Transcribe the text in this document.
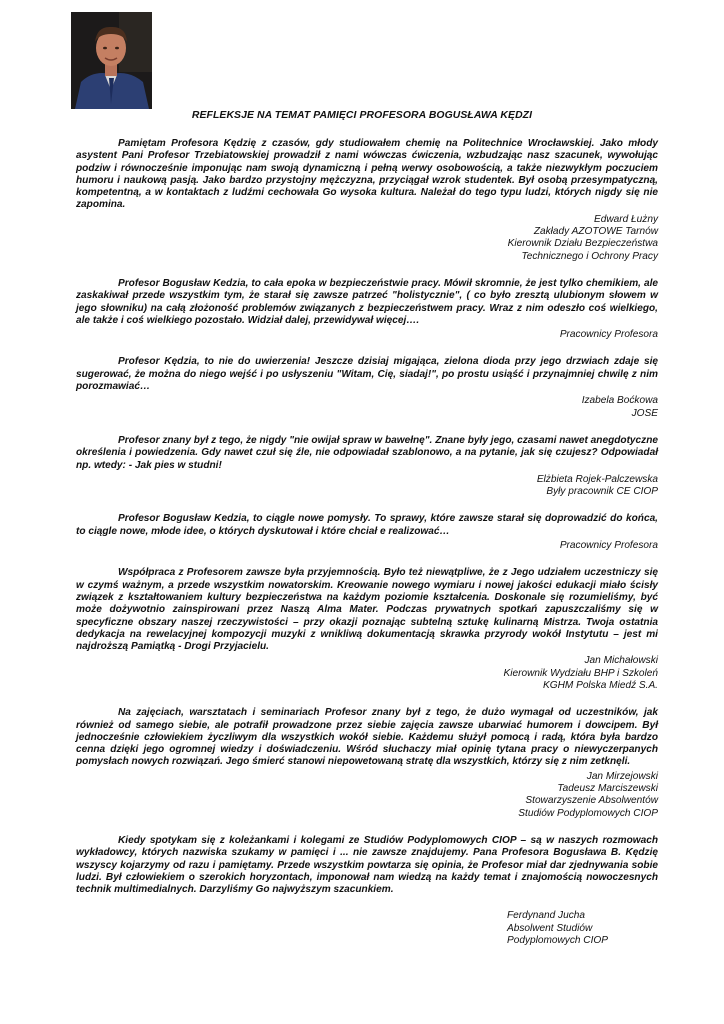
REFLEKSJE NA TEMAT PAMIĘCI PROFESORA BOGUSŁAWA KĘDZI

Pamiętam Profesora Kędzię z czasów, gdy studiowałem chemię na Politechnice Wrocławskiej. Jako młody asystent Pani Profesor Trzebiatowskiej prowadził z nami wówczas ćwiczenia, wzbudzając nasz szacunek, wywołując podziw i równocześnie imponując nam swoją dynamiczną i pełną werwy osobowością, a także niezwykłym poczuciem humoru i naukową pasją. Jako bardzo przystojny mężczyzna, przyciągał wzrok studentek. Był osobą przesympatyczną, kompetentną, a w kontaktach z ludźmi cechowała Go wysoka kultura. Należał do tego typu ludzi, których nigdy się nie zapomina.

Edward Łużny
Zakłady AZOTOWE Tarnów
Kierownik Działu Bezpieczeństwa
Technicznego i Ochrony Pracy

Profesor Bogusław Kedzia, to cała epoka w bezpieczeństwie pracy. Mówił skromnie, że jest tylko chemikiem, ale zaskakiwał przede wszystkim tym, że starał się zawsze patrzeć "holistycznie", ( co było zresztą ulubionym słowem w jego słowniku) na całą złożoność problemów związanych z bezpieczeństwem pracy. Wraz z nim odeszło coś wielkiego, ale także i coś wielkiego pozostało. Widział dalej, przewidywał więcej….

Pracownicy Profesora

Profesor Kędzia, to nie do uwierzenia! Jeszcze dzisiaj migająca, zielona dioda przy jego drzwiach zdaje się sugerować, że można do niego wejść i po usłyszeniu "Witam, Cię, siadaj!", po prostu usiąść i przynajmniej chwilę z nim porozmawiać…

Izabela Boćkowa
JOSE

Profesor znany był z tego, że nigdy "nie owijał spraw w bawełnę". Znane były jego, czasami nawet anegdotyczne określenia i powiedzenia. Gdy nawet czuł się źle, nie odpowiadał szablonowo, a na pytanie, jak się czujesz? Odpowiadał np. wtedy: - Jak pies w studni!

Elżbieta Rojek-Palczewska
Były pracownik CE CIOP

Profesor Bogusław Kedzia, to ciągle nowe pomysły. To sprawy, które zawsze starał się doprowadzić do końca, to ciągle nowe, młode idee, o których dyskutował i które chciał e realizować…

Pracownicy Profesora

Współpraca z Profesorem zawsze była przyjemnością. Było też niewątpliwe, że z Jego udziałem uczestniczy się w czymś ważnym, a przede wszystkim nowatorskim. Kreowanie nowego wymiaru i nowej jakości edukacji miało ścisły związek z kształtowaniem kultury bezpieczeństwa na każdym poziomie kształcenia. Doskonale się rozumieliśmy, być może dożywotnio zainspirowani przez Naszą Alma Mater. Podczas prywatnych spotkań zapuszczaliśmy się w specyficzne obszary naszej rzeczywistości – przy okazji poznając subtelną sztukę kulinarną Mistrza. Twoja ostatnia dedykacja na rewelacyjnej kompozycji muzyki z wnikliwą dokumentacją skrawka przyrody wokół Instytutu – jest mi najdroższą Pamiątką - Drogi Przyjacielu.

Jan Michałowski
Kierownik Wydziału BHP i Szkoleń
KGHM Polska Miedź S.A.

Na zajęciach, warsztatach i seminariach Profesor znany był z tego, że dużo wymagał od uczestników, jak również od samego siebie, ale potrafił prowadzone przez siebie zajęcia zawsze ubarwiać humorem i dowcipem. Był jednocześnie człowiekiem życzliwym dla wszystkich wokół siebie. Każdemu służył pomocą i radą, która była bardzo cenna dzięki jego ogromnej wiedzy i doświadczeniu. Wśród słuchaczy miał opinię tytana pracy o niewyczerpanych pomysłach nowych rozwiązań. Jego śmierć stanowi niepowetowaną stratę dla wszystkich, którzy się z nim zetknęli.

Jan Mirzejowski
Tadeusz Marciszewski
Stowarzyszenie Absolwentów
Studiów Podyplomowych CIOP

Kiedy spotykam się z koleżankami i kolegami ze Studiów Podyplomowych CIOP – są w naszych rozmowach wykładowcy, których nazwiska szukamy w pamięci i ... nie zawsze znajdujemy. Pana Profesora Bogusława B. Kędzię wszyscy kojarzymy od razu i pamiętamy. Przede wszystkim powtarza się opinia, że Profesor miał dar zjednywania sobie ludzi. Był człowiekiem o szerokich horyzontach, imponował nam wiedzą na każdy temat i znajomością nowoczesnych technik multimedialnych. Darzyliśmy Go najwyższym szacunkiem.

Ferdynand Jucha
Absolwent Studiów
Podyplomowych CIOP
